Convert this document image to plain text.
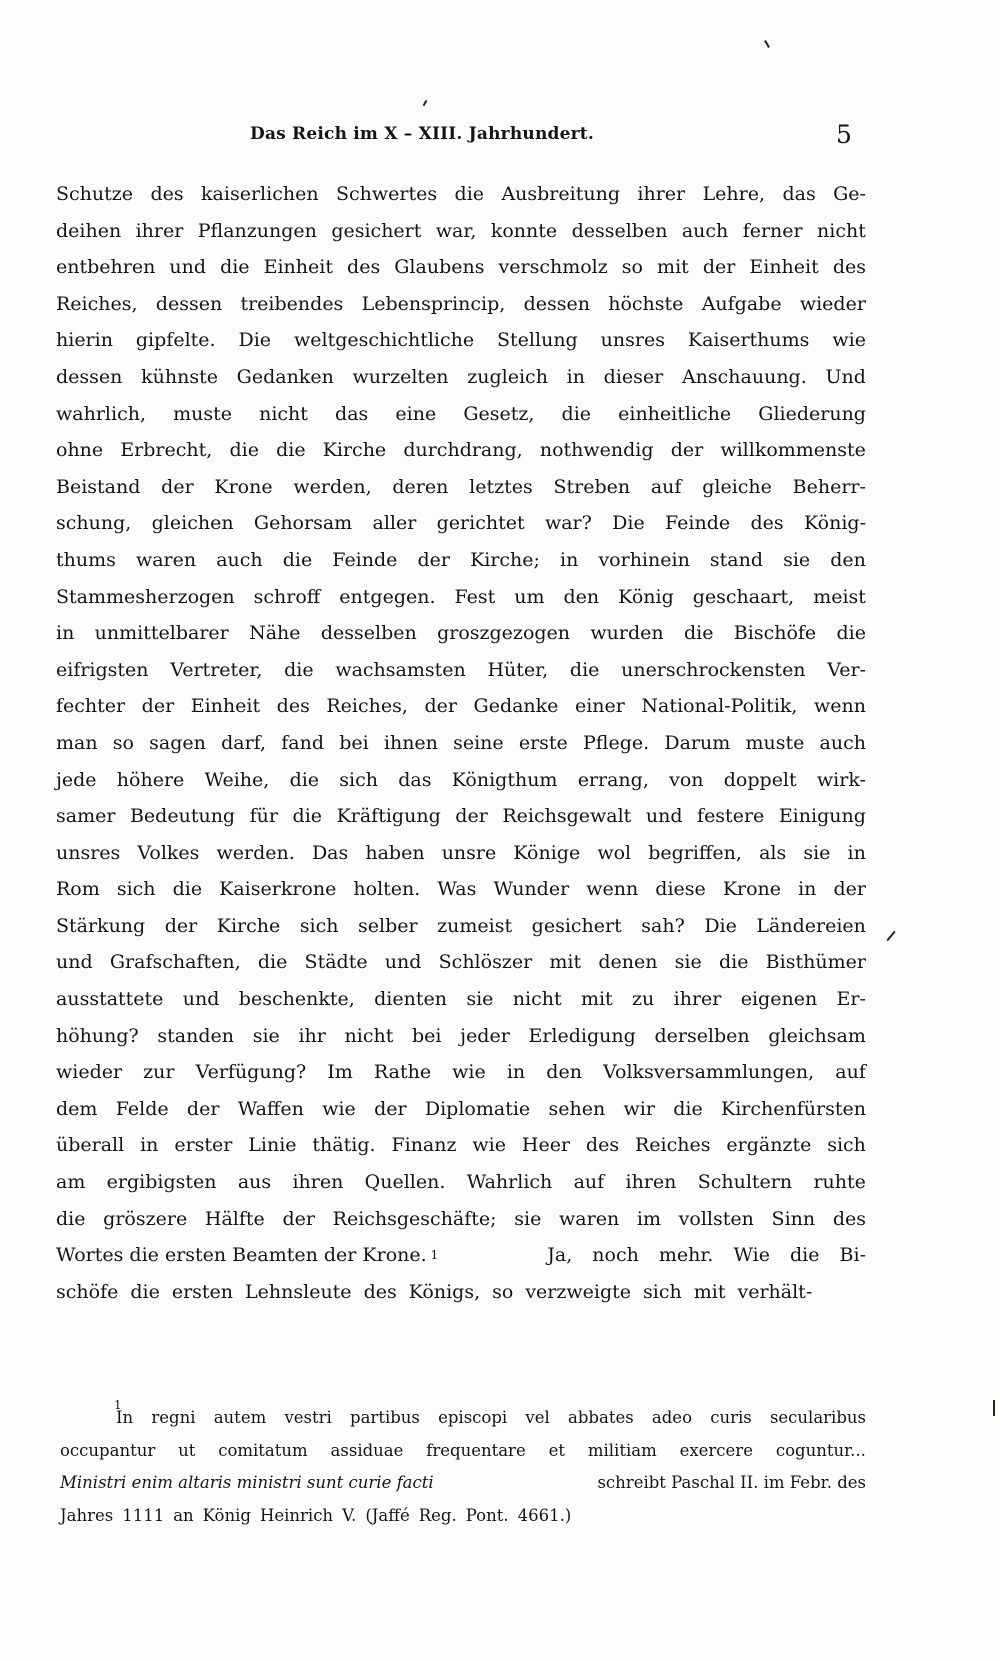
Das Reich im X – XIII. Jahrhundert.	5
Schutze des kaiserlichen Schwertes die Ausbreitung ihrer Lehre, das Ge-
deihen ihrer Pflanzungen gesichert war, konnte desselben auch ferner nicht
entbehren und die Einheit des Glaubens verschmolz so mit der Einheit des
Reiches, dessen treibendes Lebensprincip, dessen höchste Aufgabe wieder
hierin gipfelte. Die weltgeschichtliche Stellung unsres Kaiserthums wie
dessen kühnste Gedanken wurzelten zugleich in dieser Anschauung. Und
wahrlich, muste nicht das eine Gesetz, die einheitliche Gliederung
ohne Erbrecht, die die Kirche durchdrang, nothwendig der willkommenste
Beistand der Krone werden, deren letztes Streben auf gleiche Beherr-
schung, gleichen Gehorsam aller gerichtet war? Die Feinde des König-
thums waren auch die Feinde der Kirche; in vorhinein stand sie den
Stammesherzogen schroff entgegen. Fest um den König geschaart, meist
in unmittelbarer Nähe desselben groszgezogen wurden die Bischöfe die
eifrigsten Vertreter, die wachsamsten Hüter, die unerschrockensten Ver-
fechter der Einheit des Reiches, der Gedanke einer National-Politik, wenn
man so sagen darf, fand bei ihnen seine erste Pflege. Darum muste auch
jede höhere Weihe, die sich das Königthum errang, von doppelt wirk-
samer Bedeutung für die Kräftigung der Reichsgewalt und festere Einigung
unsres Volkes werden. Das haben unsre Könige wol begriffen, als sie in
Rom sich die Kaiserkrone holten. Was Wunder wenn diese Krone in der
Stärkung der Kirche sich selber zumeist gesichert sah? Die Ländereien
und Grafschaften, die Städte und Schlöszer mit denen sie die Bisthümer
ausstattete und beschenkte, dienten sie nicht mit zu ihrer eigenen Er-
höhung? standen sie ihr nicht bei jeder Erledigung derselben gleichsam
wieder zur Verfügung? Im Rathe wie in den Volksversammlungen, auf
dem Felde der Waffen wie der Diplomatie sehen wir die Kirchenfürsten
überall in erster Linie thätig. Finanz wie Heer des Reiches ergänzte sich
am ergibigsten aus ihren Quellen. Wahrlich auf ihren Schultern ruhte
die gröszere Hälfte der Reichsgeschäfte; sie waren im vollsten Sinn des
Wortes die ersten Beamten der Krone. 1	Ja, noch mehr. Wie die Bi-
schöfe die ersten Lehnsleute des Königs, so verzweigte sich mit verhält-
1
In regni autem vestri partibus episcopi vel abbates adeo curis secularibus
occupantur ut comitatum assiduae frequentare et militiam exercere coguntur...
Ministri enim altaris ministri sunt curie facti	schreibt Paschal II. im Febr. des
Jahres 1111 an König Heinrich V. (Jaffé Reg. Pont. 4661.)
